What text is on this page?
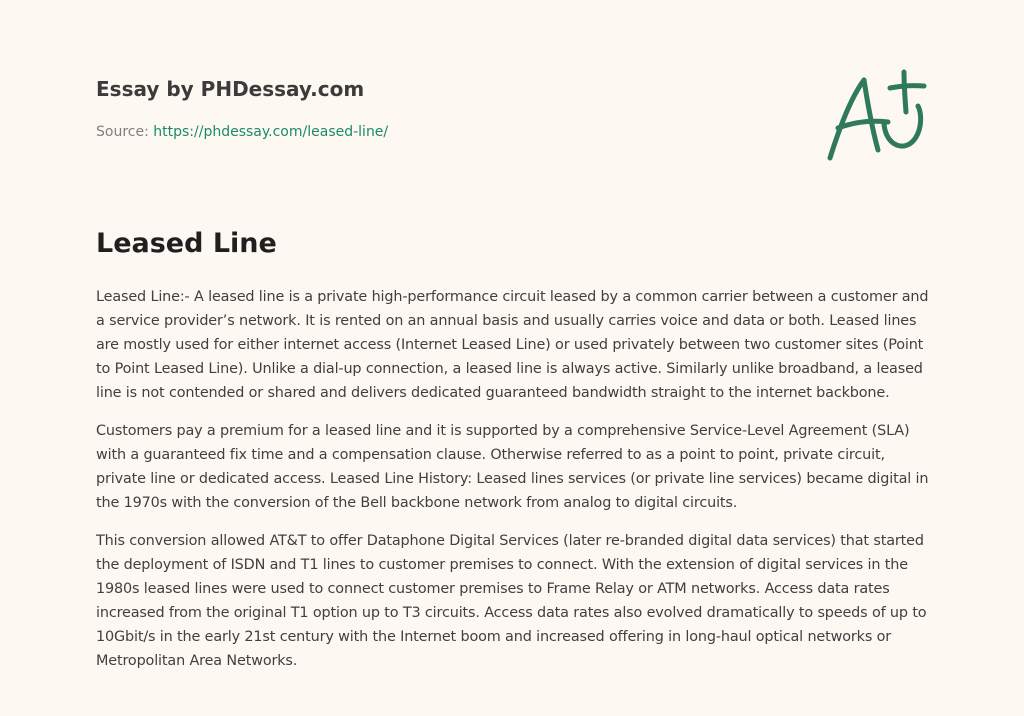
Essay by PHDessay.com
Source: https://phdessay.com/leased-line/
Leased Line

Leased Line:- A leased line is a private high-performance circuit leased by a common carrier between a customer and a service provider’s network. It is rented on an annual basis and usually carries voice and data or both. Leased lines are mostly used for either internet access (Internet Leased Line) or used privately between two customer sites (Point to Point Leased Line). Unlike a dial-up connection, a leased line is always active. Similarly unlike broadband, a leased line is not contended or shared and delivers dedicated guaranteed bandwidth straight to the internet backbone.

Customers pay a premium for a leased line and it is supported by a comprehensive Service-Level Agreement (SLA) with a guaranteed fix time and a compensation clause. Otherwise referred to as a point to point, private circuit, private line or dedicated access. Leased Line History: Leased lines services (or private line services) became digital in the 1970s with the conversion of the Bell backbone network from analog to digital circuits.

This conversion allowed AT&T to offer Dataphone Digital Services (later re-branded digital data services) that started the deployment of ISDN and T1 lines to customer premises to connect. With the extension of digital services in the 1980s leased lines were used to connect customer premises to Frame Relay or ATM networks. Access data rates increased from the original T1 option up to T3 circuits. Access data rates also evolved dramatically to speeds of up to 10Gbit/s in the early 21st century with the Internet boom and increased offering in long-haul optical networks or Metropolitan Area Networks.
